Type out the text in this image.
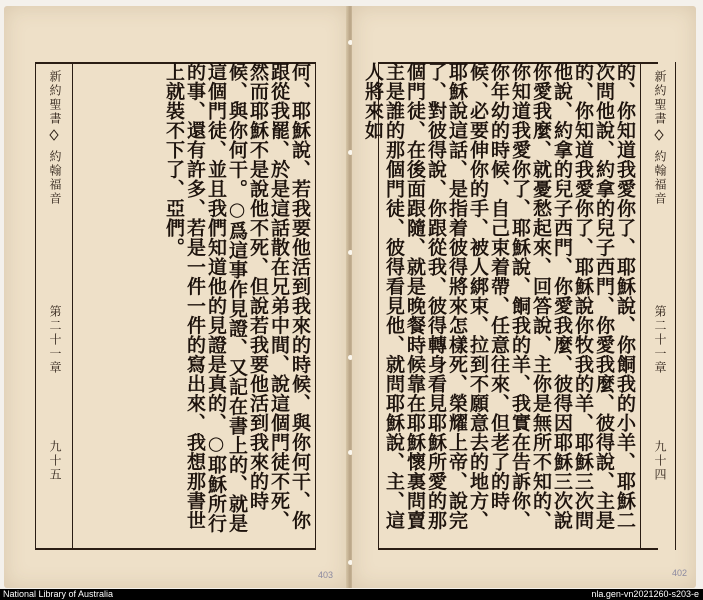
新約聖書
約翰福音
第二十一章
九十五	何、耶穌說、若我要他活到我來的時候、與你何干、你跟從我罷、於是這話散在兄弟中間、說這個門徒不死、然而耶穌不是說他不死、但說若我要他活到我來的時候、與你何干。○爲這事作見證、又記在書上的、就是這個門徒、並且我們知道他的見證是真的、○耶穌所行的事、還有許多、若是一件一件的寫出來、我想那書世上就裝不下了、亞們。
403
的、你知道我愛你了、耶穌說、你餇我的小羊、耶穌二次問他說、約拿的兒子西門、你愛我麼、彼得說、主是的、你知道我愛你了、耶穌說你牧我的羊、耶穌三次問他說、約拿的兒子西門、你愛我麼、彼得因耶穌三次說你愛我麼、就憂愁起來、回答說、主你是無所不知的、你知道我愛你了、耶穌說、餇我的羊、我實在告訴你、你年幼的時候、自己束着帶、任意往來、但老了的時候、必要伸你的手、被人綁束、拉到不願意去的地方、耶穌說這話、是指着彼得將來怎樣死、榮耀上帝、說完了、對彼得說、你跟從我、彼得轉身看見耶穌所愛的那個門徒、在後面跟隨、就是晚餐時候靠在耶穌懷裏問賣主是誰的那個門徒、彼得看見他、就問耶穌說、主、這人將來如	新約聖書
約翰福音
第二十一章
九十四
402
National Library of Australia	nla.gen-vn2021260-s203-e
